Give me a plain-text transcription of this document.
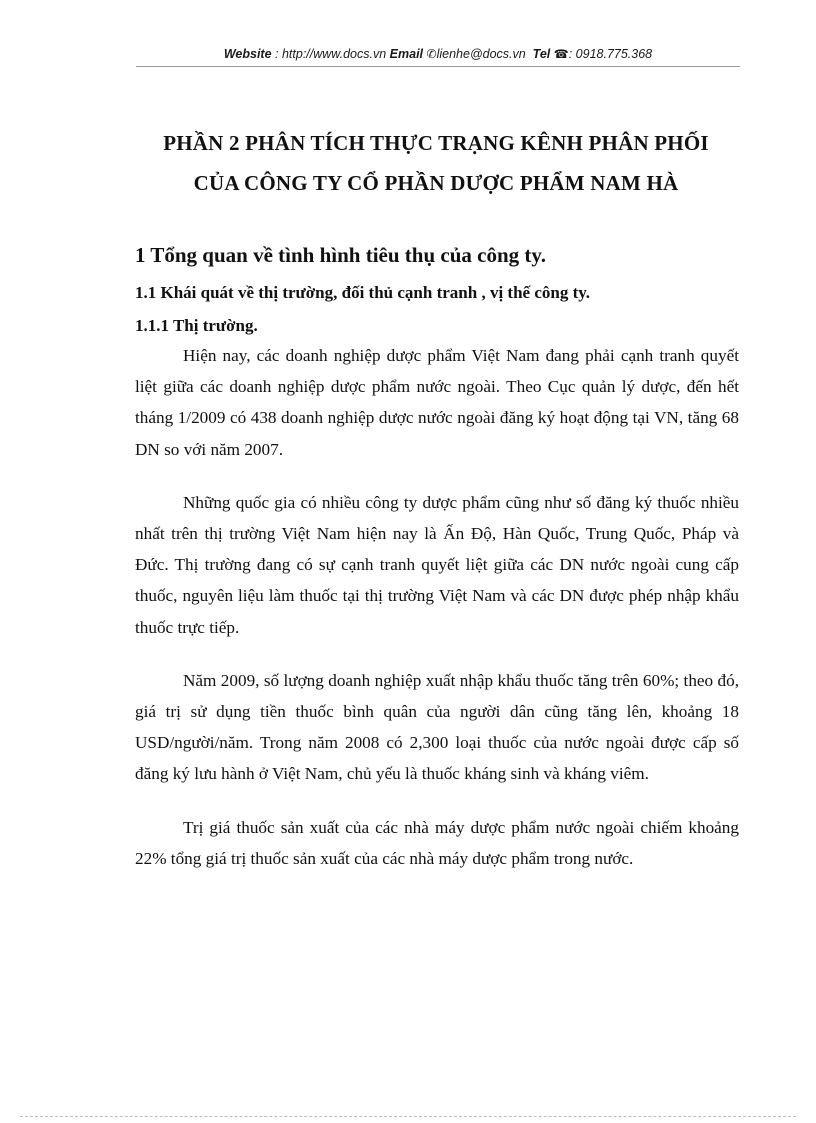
Website : http://www.docs.vn Email ✆lienhe@docs.vn Tel ☎: 0918.775.368
PHẦN 2 PHÂN TÍCH THỰC TRẠNG KÊNH PHÂN PHỐI
CỦA CÔNG TY CỔ PHẦN DƯỢC PHẨM NAM HÀ
1 Tổng quan về tình hình tiêu thụ của công ty.
1.1 Khái quát về thị trường, đối thủ cạnh tranh , vị thế công ty.
1.1.1 Thị trường.

Hiện nay, các doanh nghiệp dược phẩm Việt Nam đang phải cạnh tranh quyết liệt giữa các doanh nghiệp dược phẩm nước ngoài. Theo Cục quản lý dược, đến hết tháng 1/2009 có 438 doanh nghiệp dược nước ngoài đăng ký hoạt động tại VN, tăng 68 DN so với năm 2007.

Những quốc gia có nhiều công ty dược phẩm cũng như số đăng ký thuốc nhiều nhất trên thị trường Việt Nam hiện nay là Ấn Độ, Hàn Quốc, Trung Quốc, Pháp và Đức. Thị trường đang có sự cạnh tranh quyết liệt giữa các DN nước ngoài cung cấp thuốc, nguyên liệu làm thuốc tại thị trường Việt Nam và các DN được phép nhập khẩu thuốc trực tiếp.

Năm 2009, số lượng doanh nghiệp xuất nhập khẩu thuốc tăng trên 60%; theo đó, giá trị sử dụng tiền thuốc bình quân của người dân cũng tăng lên, khoảng 18 USD/người/năm. Trong năm 2008 có 2,300 loại thuốc của nước ngoài được cấp số đăng ký lưu hành ở Việt Nam, chủ yếu là thuốc kháng sinh và kháng viêm.

Trị giá thuốc sản xuất của các nhà máy dược phẩm nước ngoài chiếm khoảng 22% tổng giá trị thuốc sản xuất của các nhà máy dược phẩm trong nước.
